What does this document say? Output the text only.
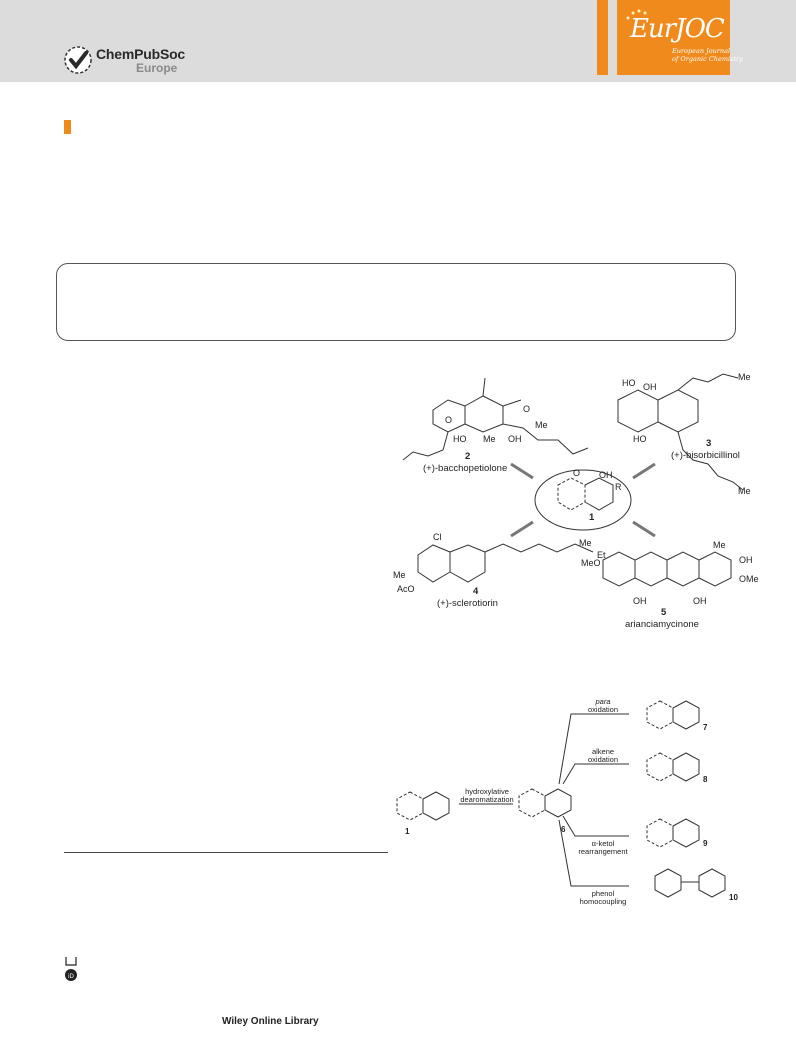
ChemPubSoc
Europe
EurJOC
European Journal
of Organic Chemistry
O
HO Me OH
O
Me
HO OH
Me
HO
Me
O OH
R
Cl
Me
AcO
Me
Et
MeO
Me
OH
OMe
OH	OH
2
(+)-bacchopetiolone
3
(+)-bisorbicillinol
4
(+)-sclerotiorin
5
arianciamycinone
1
para
oxidation
alkene
oxidation
α-ketol
rearrangement
phenol
homocoupling
hydroxylative
dearomatization
7
8
9
10
1	6
iD
Wiley Online Library
